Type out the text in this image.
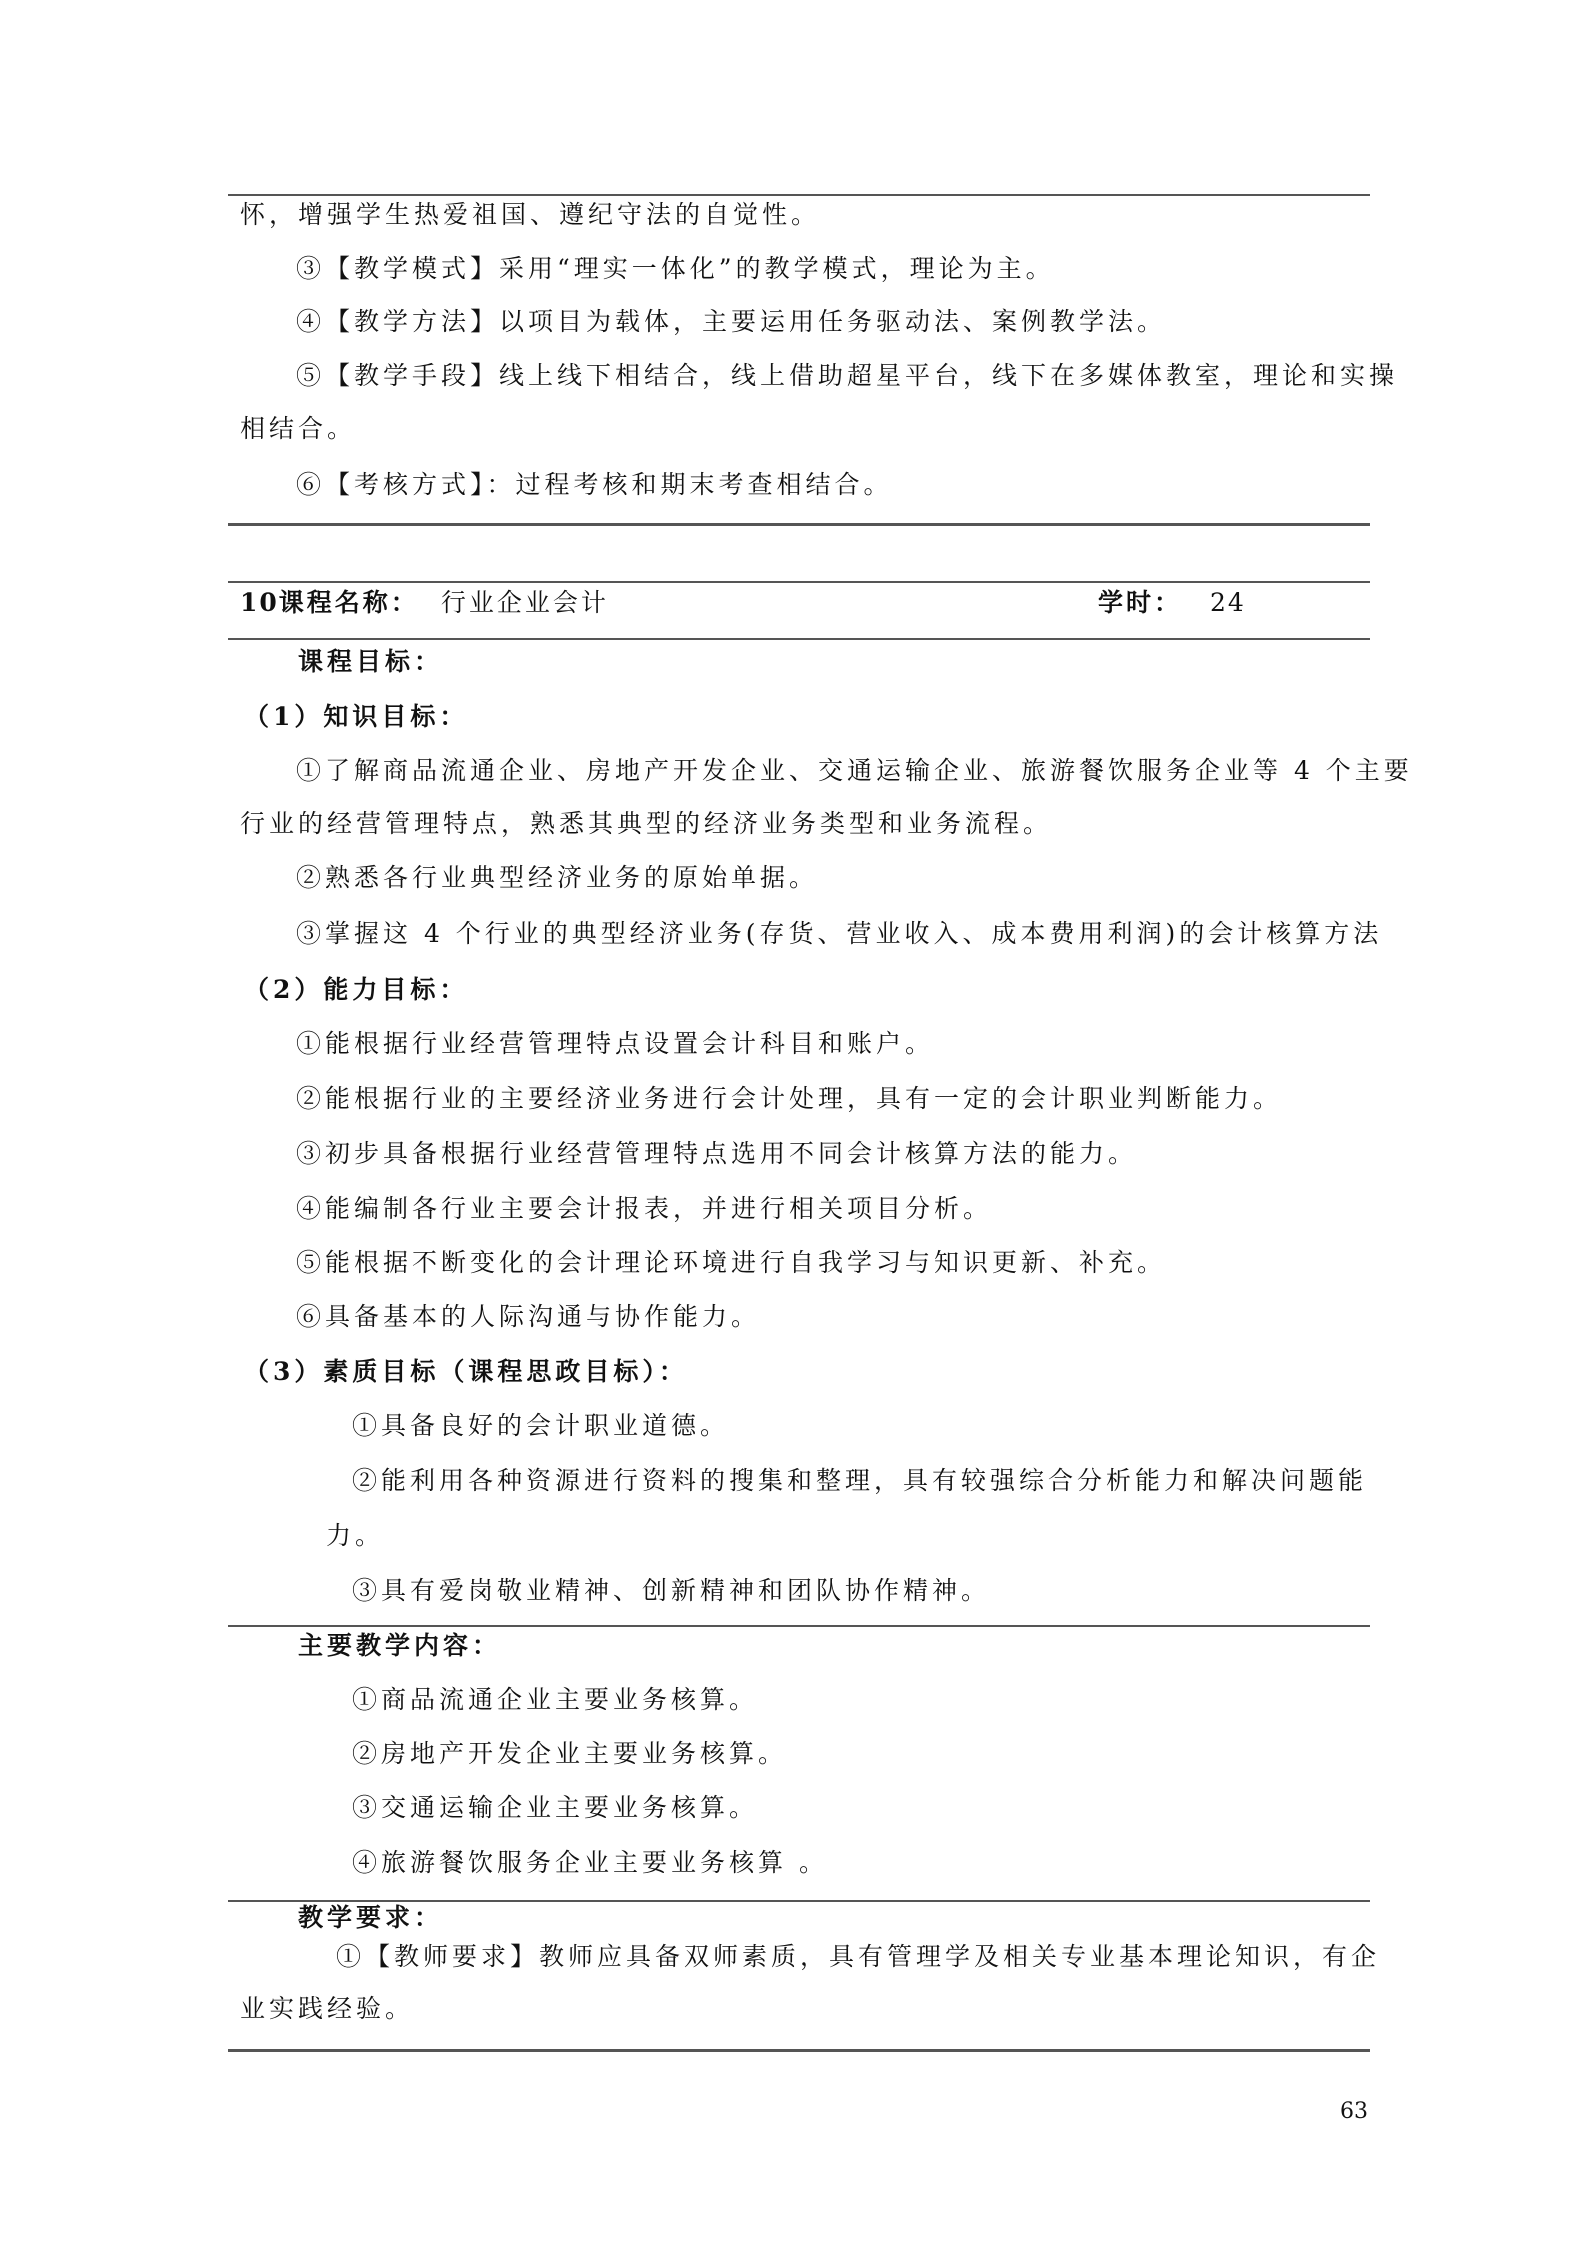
怀，增强学生热爱祖国、遵纪守法的自觉性。
③【教学模式】采用“理实一体化”的教学模式，理论为主。
④【教学方法】以项目为载体，主要运用任务驱动法、案例教学法。
⑤【教学手段】线上线下相结合，线上借助超星平台，线下在多媒体教室，理论和实操
相结合。
⑥【考核方式】：过程考核和期末考查相结合。
10课程名称： 行业企业会计	学时： 24
课程目标：
（1）知识目标：
①了解商品流通企业、房地产开发企业、交通运输企业、旅游餐饮服务企业等 4 个主要
行业的经营管理特点，熟悉其典型的经济业务类型和业务流程。
②熟悉各行业典型经济业务的原始单据。
③掌握这 4 个行业的典型经济业务(存货、营业收入、成本费用利润)的会计核算方法
（2）能力目标：
①能根据行业经营管理特点设置会计科目和账户。
②能根据行业的主要经济业务进行会计处理，具有一定的会计职业判断能力。
③初步具备根据行业经营管理特点选用不同会计核算方法的能力。
④能编制各行业主要会计报表，并进行相关项目分析。
⑤能根据不断变化的会计理论环境进行自我学习与知识更新、补充。
⑥具备基本的人际沟通与协作能力。
（3）素质目标（课程思政目标）：
①具备良好的会计职业道德。
②能利用各种资源进行资料的搜集和整理，具有较强综合分析能力和解决问题能
力。
③具有爱岗敬业精神、创新精神和团队协作精神。
主要教学内容：
①商品流通企业主要业务核算。
②房地产开发企业主要业务核算。
③交通运输企业主要业务核算。
④旅游餐饮服务企业主要业务核算 。
教学要求：
①【教师要求】教师应具备双师素质，具有管理学及相关专业基本理论知识，有企
业实践经验。
63
